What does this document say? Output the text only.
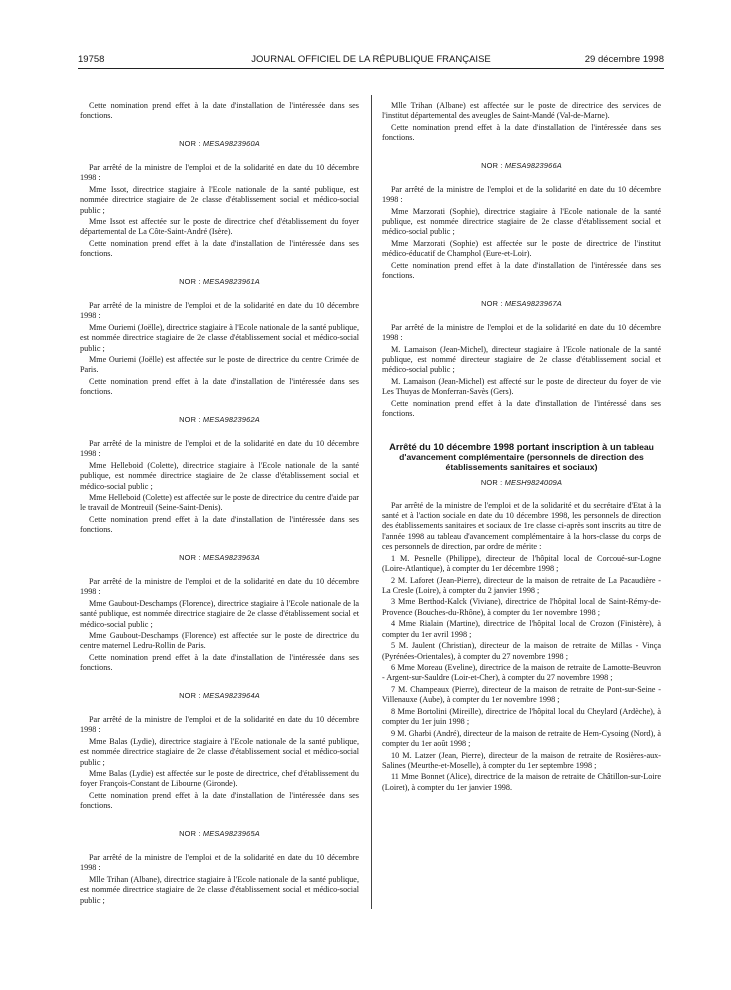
19758	JOURNAL OFFICIEL DE LA RÉPUBLIQUE FRANÇAISE	29 décembre 1998

Cette nomination prend effet à la date d'installation de l'intéressée dans ses fonctions.

NOR : MESA9823960A

Par arrêté de la ministre de l'emploi et de la solidarité en date du 10 décembre 1998 :

Mme Issot, directrice stagiaire à l'Ecole nationale de la santé publique, est nommée directrice stagiaire de 2e classe d'établissement social et médico-social public ;

Mme Issot est affectée sur le poste de directrice chef d'établissement du foyer départemental de La Côte-Saint-André (Isère).

Cette nomination prend effet à la date d'installation de l'intéressée dans ses fonctions.

NOR : MESA9823961A

Par arrêté de la ministre de l'emploi et de la solidarité en date du 10 décembre 1998 :

Mme Ouriemi (Joëlle), directrice stagiaire à l'Ecole nationale de la santé publique, est nommée directrice stagiaire de 2e classe d'établissement social et médico-social public ;

Mme Ouriemi (Joëlle) est affectée sur le poste de directrice du centre Crimée de Paris.

Cette nomination prend effet à la date d'installation de l'intéressée dans ses fonctions.

NOR : MESA9823962A

Par arrêté de la ministre de l'emploi et de la solidarité en date du 10 décembre 1998 :

Mme Helleboid (Colette), directrice stagiaire à l'Ecole nationale de la santé publique, est nommée directrice stagiaire de 2e classe d'établissement social et médico-social public ;

Mme Helleboid (Colette) est affectée sur le poste de directrice du centre d'aide par le travail de Montreuil (Seine-Saint-Denis).

Cette nomination prend effet à la date d'installation de l'intéressée dans ses fonctions.

NOR : MESA9823963A

Par arrêté de la ministre de l'emploi et de la solidarité en date du 10 décembre 1998 :

Mme Gaubout-Deschamps (Florence), directrice stagiaire à l'Ecole nationale de la santé publique, est nommée directrice stagiaire de 2e classe d'établissement social et médico-social public ;

Mme Gaubout-Deschamps (Florence) est affectée sur le poste de directrice du centre maternel Ledru-Rollin de Paris.

Cette nomination prend effet à la date d'installation de l'intéressée dans ses fonctions.

NOR : MESA9823964A

Par arrêté de la ministre de l'emploi et de la solidarité en date du 10 décembre 1998 :

Mme Balas (Lydie), directrice stagiaire à l'Ecole nationale de la santé publique, est nommée directrice stagiaire de 2e classe d'établissement social et médico-social public ;

Mme Balas (Lydie) est affectée sur le poste de directrice, chef d'établissement du foyer François-Constant de Libourne (Gironde).

Cette nomination prend effet à la date d'installation de l'intéressée dans ses fonctions.

NOR : MESA9823965A

Par arrêté de la ministre de l'emploi et de la solidarité en date du 10 décembre 1998 :

Mlle Trihan (Albane), directrice stagiaire à l'Ecole nationale de la santé publique, est nommée directrice stagiaire de 2e classe d'établissement social et médico-social public ;

Mlle Trihan (Albane) est affectée sur le poste de directrice des services de l'institut départemental des aveugles de Saint-Mandé (Val-de-Marne).

Cette nomination prend effet à la date d'installation de l'intéressée dans ses fonctions.

NOR : MESA9823966A

Par arrêté de la ministre de l'emploi et de la solidarité en date du 10 décembre 1998 :

Mme Marzorati (Sophie), directrice stagiaire à l'Ecole nationale de la santé publique, est nommée directrice stagiaire de 2e classe d'établissement social et médico-social public ;

Mme Marzorati (Sophie) est affectée sur le poste de directrice de l'institut médico-éducatif de Champhol (Eure-et-Loir).

Cette nomination prend effet à la date d'installation de l'intéressée dans ses fonctions.

NOR : MESA9823967A

Par arrêté de la ministre de l'emploi et de la solidarité en date du 10 décembre 1998 :

M. Lamaison (Jean-Michel), directeur stagiaire à l'Ecole nationale de la santé publique, est nommé directeur stagiaire de 2e classe d'établissement social et médico-social public ;

M. Lamaison (Jean-Michel) est affecté sur le poste de directeur du foyer de vie Les Thuyas de Monferran-Savès (Gers).

Cette nomination prend effet à la date d'installation de l'intéressé dans ses fonctions.

Arrêté du 10 décembre 1998 portant inscription à un tableau d'avancement complémentaire (personnels de direction des établissements sanitaires et sociaux)
NOR : MESH9824009A

Par arrêté de la ministre de l'emploi et de la solidarité et du secrétaire d'Etat à la santé et à l'action sociale en date du 10 décembre 1998, les personnels de direction des établissements sanitaires et sociaux de 1re classe ci-après sont inscrits au titre de l'année 1998 au tableau d'avancement complémentaire à la hors-classe du corps de ces personnels de direction, par ordre de mérite :

1 M. Pesnelle (Philippe), directeur de l'hôpital local de Corcoué-sur-Logne (Loire-Atlantique), à compter du 1er décembre 1998 ;

2 M. Laforet (Jean-Pierre), directeur de la maison de retraite de La Pacaudière - La Cresle (Loire), à compter du 2 janvier 1998 ;

3 Mme Berthod-Kalck (Viviane), directrice de l'hôpital local de Saint-Rémy-de-Provence (Bouches-du-Rhône), à compter du 1er novembre 1998 ;

4 Mme Rialain (Martine), directrice de l'hôpital local de Crozon (Finistère), à compter du 1er avril 1998 ;

5 M. Jaulent (Christian), directeur de la maison de retraite de Millas - Vinça (Pyrénées-Orientales), à compter du 27 novembre 1998 ;

6 Mme Moreau (Eveline), directrice de la maison de retraite de Lamotte-Beuvron - Argent-sur-Sauldre (Loir-et-Cher), à compter du 27 novembre 1998 ;

7 M. Champeaux (Pierre), directeur de la maison de retraite de Pont-sur-Seine - Villenauxe (Aube), à compter du 1er novembre 1998 ;

8 Mme Bortolini (Mireille), directrice de l'hôpital local du Cheylard (Ardèche), à compter du 1er juin 1998 ;

9 M. Gharbi (André), directeur de la maison de retraite de Hem-Cysoing (Nord), à compter du 1er août 1998 ;

10 M. Latzer (Jean, Pierre), directeur de la maison de retraite de Rosières-aux-Salines (Meurthe-et-Moselle), à compter du 1er septembre 1998 ;

11 Mme Bonnet (Alice), directrice de la maison de retraite de Châtillon-sur-Loire (Loiret), à compter du 1er janvier 1998.
